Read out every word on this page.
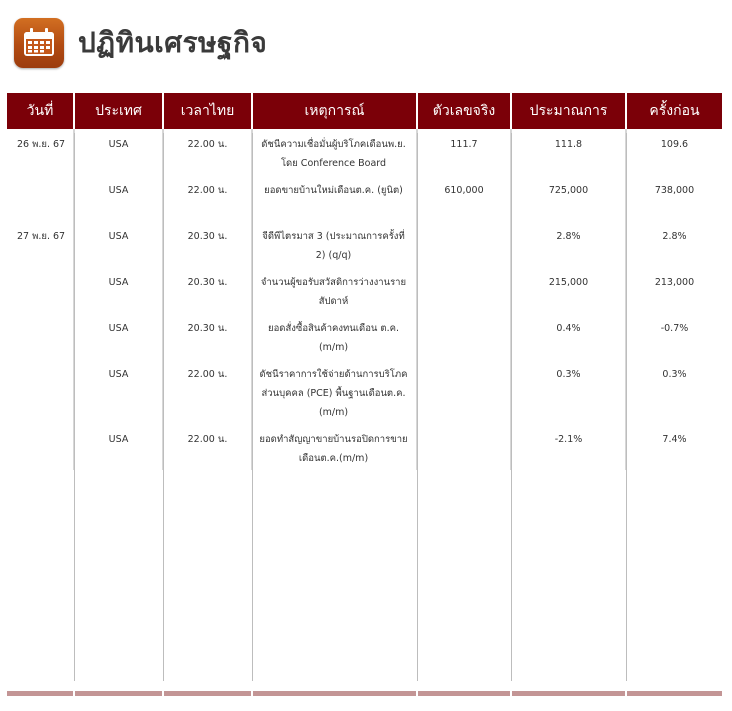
ปฏิทินเศรษฐกิจ
วันที่	ประเทศ	เวลาไทย	เหตุการณ์	ตัวเลขจริง	ประมาณการ	ครั้งก่อน
26 พ.ย. 67	USA	22.00 น.	ดัชนีความเชื่อมั่นผู้บริโภคเดือนพ.ย. โดย Conference Board	111.7	111.8	109.6
	USA	22.00 น.	ยอดขายบ้านใหม่เดือนต.ค. (ยูนิต)	610,000	725,000	738,000
27 พ.ย. 67	USA	20.30 น.	จีดีพีไตรมาส 3 (ประมาณการครั้งที่ 2) (q/q)		2.8%	2.8%
	USA	20.30 น.	จำนวนผู้ขอรับสวัสดิการว่างงานรายสัปดาห์		215,000	213,000
	USA	20.30 น.	ยอดสั่งซื้อสินค้าคงทนเดือน ต.ค.(m/m)		0.4%	-0.7%
	USA	22.00 น.	ดัชนีราคาการใช้จ่ายด้านการบริโภคส่วนบุคคล (PCE) พื้นฐานเดือนต.ค. (m/m)		0.3%	0.3%
	USA	22.00 น.	ยอดทำสัญญาขายบ้านรอปิดการขายเดือนต.ค.(m/m)		-2.1%	7.4%
